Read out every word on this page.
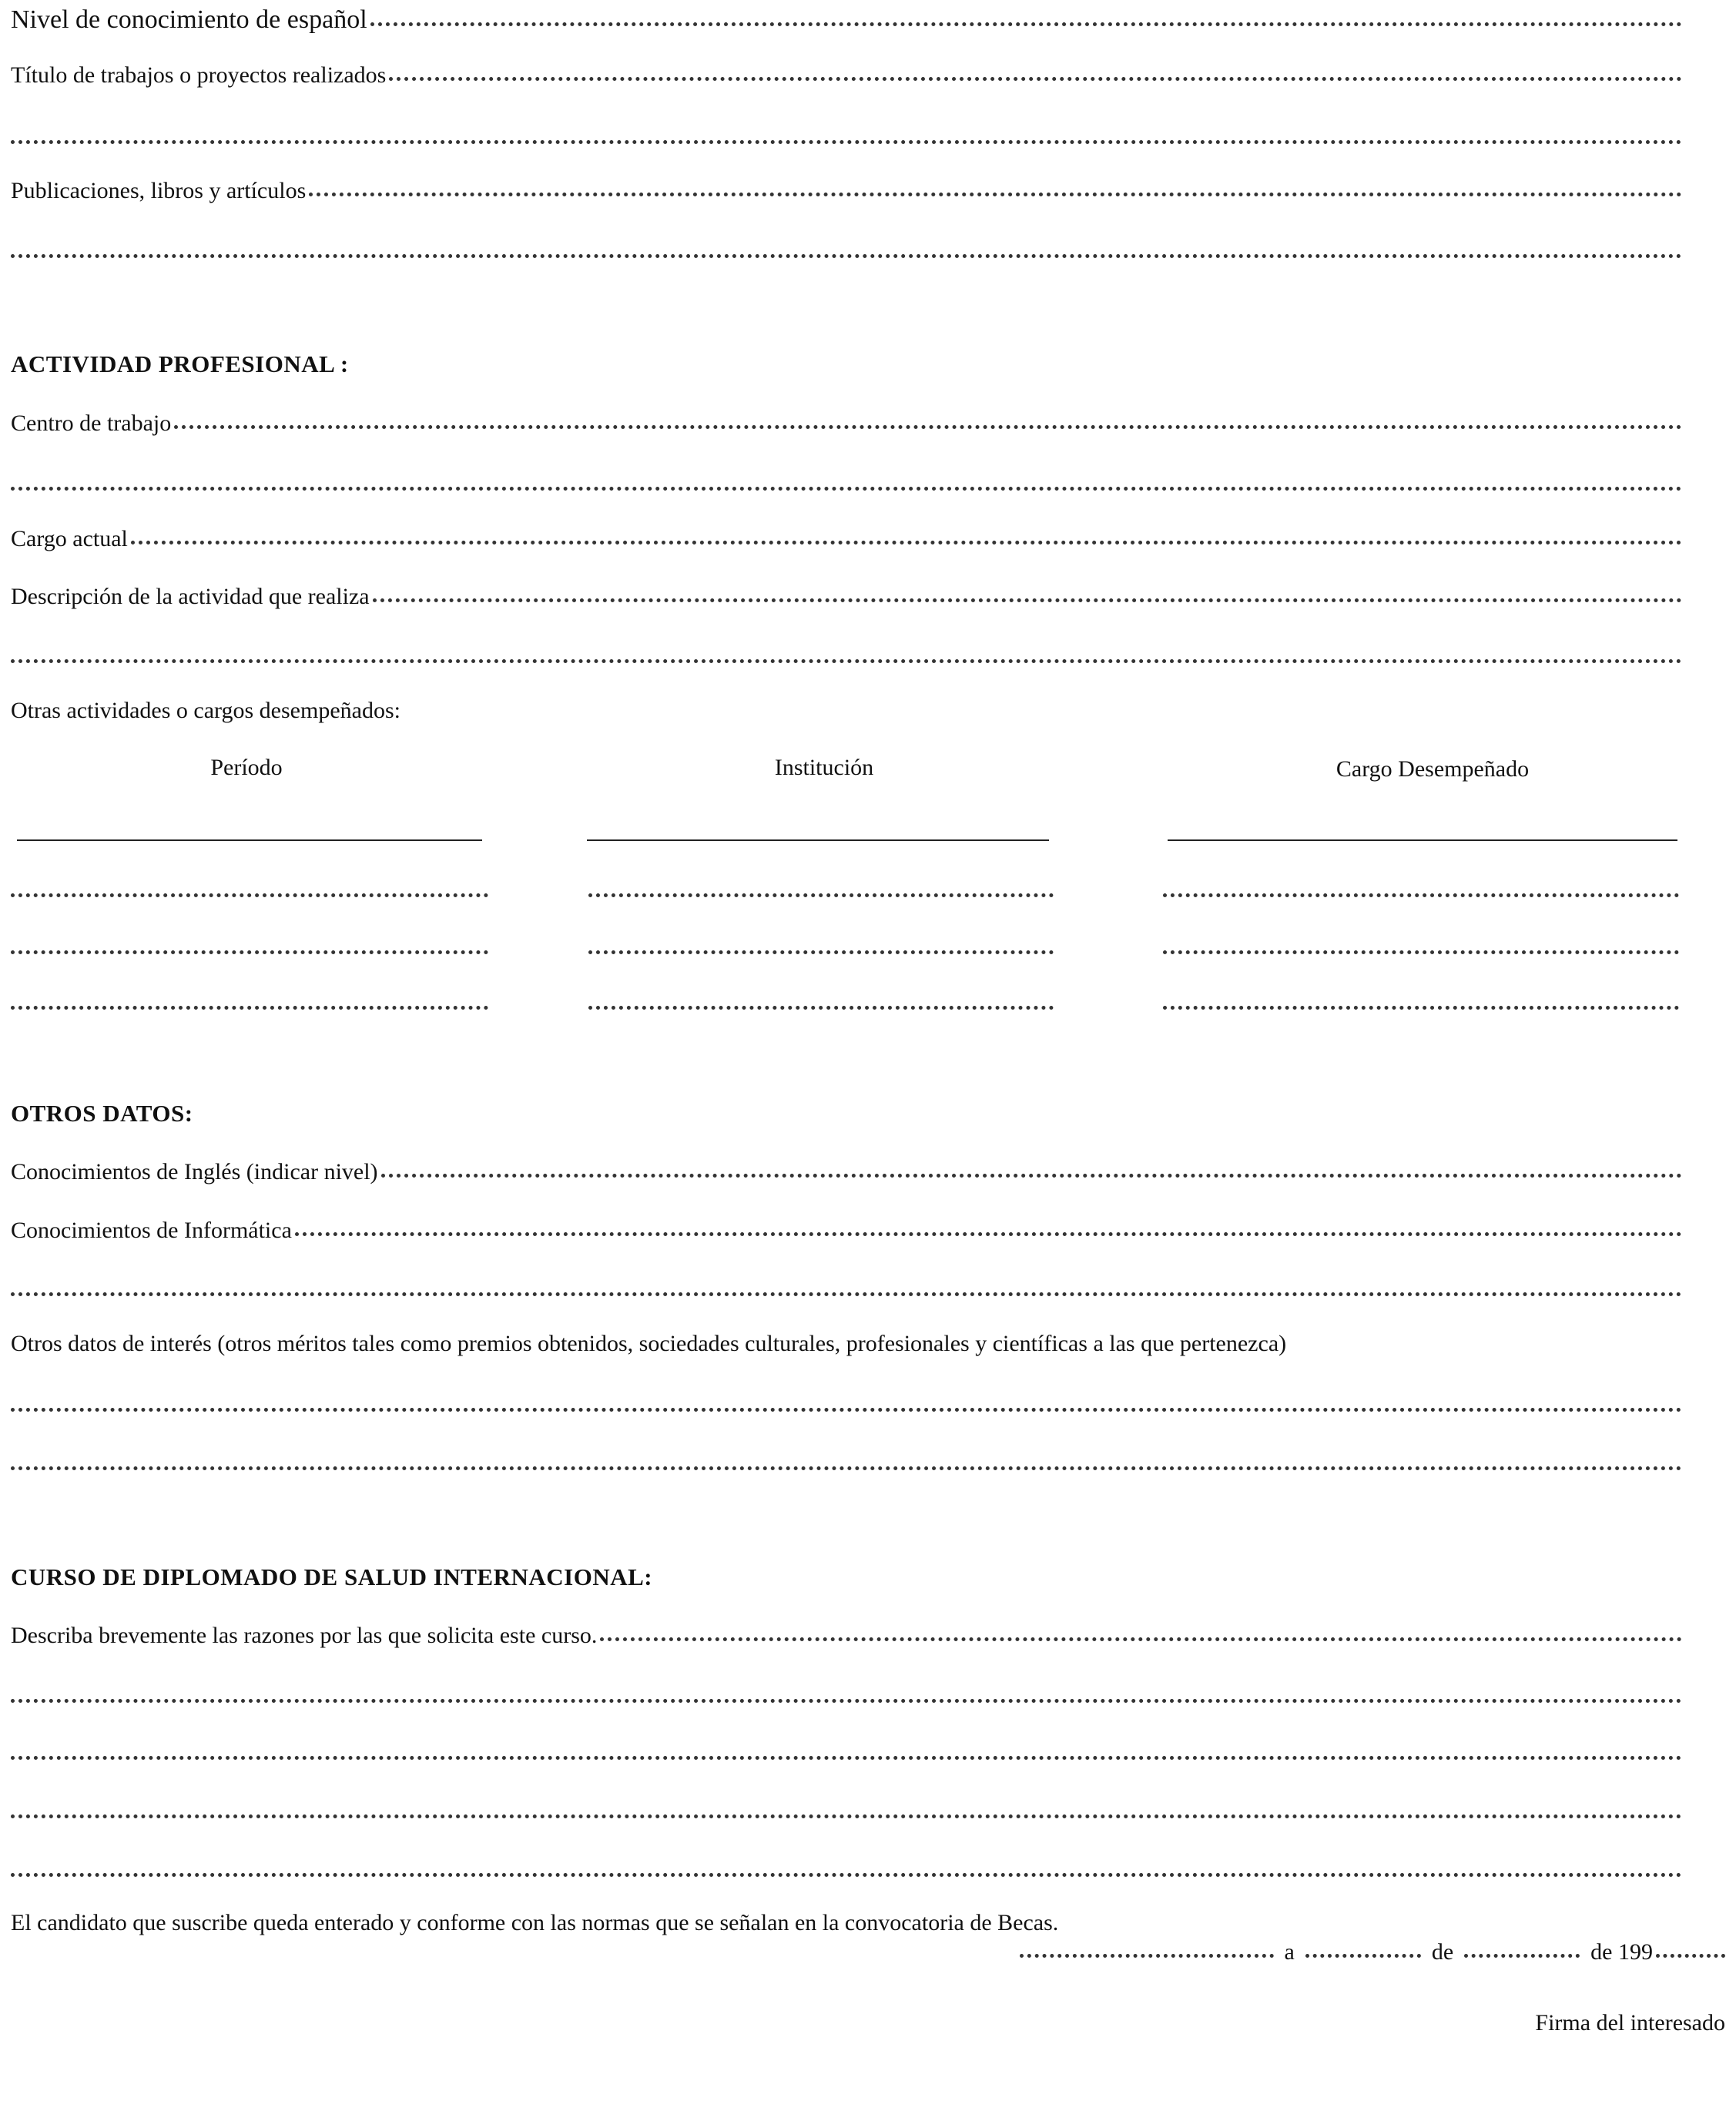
Nivel de conocimiento de español
Título de trabajos o proyectos realizados
Publicaciones, libros y artículos
ACTIVIDAD PROFESIONAL :
Centro de trabajo
Cargo actual
Descripción de la actividad que realiza
Otras actividades o cargos desempeñados:
Período	Institución	Cargo Desempeñado
OTROS DATOS:
Conocimientos de Inglés (indicar nivel)
Conocimientos de Informática
Otros datos de interés (otros méritos tales como premios obtenidos, sociedades culturales, profesionales y científicas a las que pertenezca)
CURSO DE DIPLOMADO DE SALUD INTERNACIONAL:
Describa brevemente las razones por las que solicita este curso.
El candidato que suscribe queda enterado y conforme con las normas que se señalan en la convocatoria de Becas.
a	de	de 199
Firma del interesado
